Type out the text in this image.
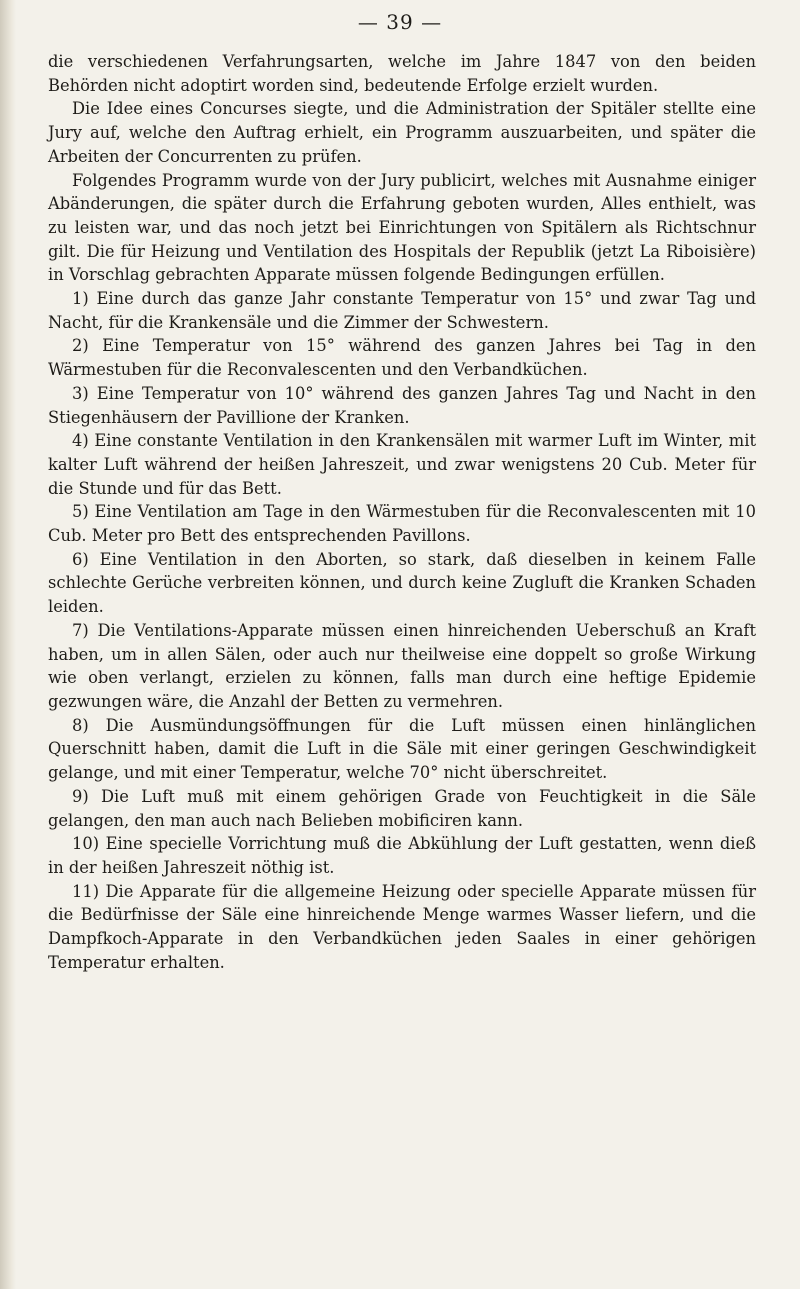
— 39 —

die verschiedenen Verfahrungsarten, welche im Jahre 1847 von den beiden Behörden nicht adoptirt worden sind, bedeutende Erfolge erzielt wurden.

Die Idee eines Concurses siegte, und die Administration der Spitäler stellte eine Jury auf, welche den Auftrag erhielt, ein Programm auszuarbeiten, und später die Arbeiten der Concurrenten zu prüfen.

Folgendes Programm wurde von der Jury publicirt, welches mit Ausnahme einiger Abänderungen, die später durch die Erfahrung geboten wurden, Alles enthielt, was zu leisten war, und das noch jetzt bei Einrichtungen von Spitälern als Richtschnur gilt. Die für Heizung und Ventilation des Hospitals der Republik (jetzt La Riboisière) in Vorschlag gebrachten Apparate müssen folgende Bedingungen erfüllen.

1) Eine durch das ganze Jahr constante Temperatur von 15° und zwar Tag und Nacht, für die Krankensäle und die Zimmer der Schwestern.

2) Eine Temperatur von 15° während des ganzen Jahres bei Tag in den Wärmestuben für die Reconvalescenten und den Verbandküchen.

3) Eine Temperatur von 10° während des ganzen Jahres Tag und Nacht in den Stiegenhäusern der Pavillione der Kranken.

4) Eine constante Ventilation in den Krankensälen mit warmer Luft im Winter, mit kalter Luft während der heißen Jahreszeit, und zwar wenigstens 20 Cub. Meter für die Stunde und für das Bett.

5) Eine Ventilation am Tage in den Wärmestuben für die Reconvalescenten mit 10 Cub. Meter pro Bett des entsprechenden Pavillons.

6) Eine Ventilation in den Aborten, so stark, daß dieselben in keinem Falle schlechte Gerüche verbreiten können, und durch keine Zugluft die Kranken Schaden leiden.

7) Die Ventilations-Apparate müssen einen hinreichenden Ueberschuß an Kraft haben, um in allen Sälen, oder auch nur theilweise eine doppelt so große Wirkung wie oben verlangt, erzielen zu können, falls man durch eine heftige Epidemie gezwungen wäre, die Anzahl der Betten zu vermehren.

8) Die Ausmündungsöffnungen für die Luft müssen einen hinlänglichen Querschnitt haben, damit die Luft in die Säle mit einer geringen Geschwindigkeit gelange, und mit einer Temperatur, welche 70° nicht überschreitet.

9) Die Luft muß mit einem gehörigen Grade von Feuchtigkeit in die Säle gelangen, den man auch nach Belieben mobificiren kann.

10) Eine specielle Vorrichtung muß die Abkühlung der Luft gestatten, wenn dieß in der heißen Jahreszeit nöthig ist.

11) Die Apparate für die allgemeine Heizung oder specielle Apparate müssen für die Bedürfnisse der Säle eine hinreichende Menge warmes Wasser liefern, und die Dampfkoch-Apparate in den Verbandküchen jeden Saales in einer gehörigen Temperatur erhalten.
